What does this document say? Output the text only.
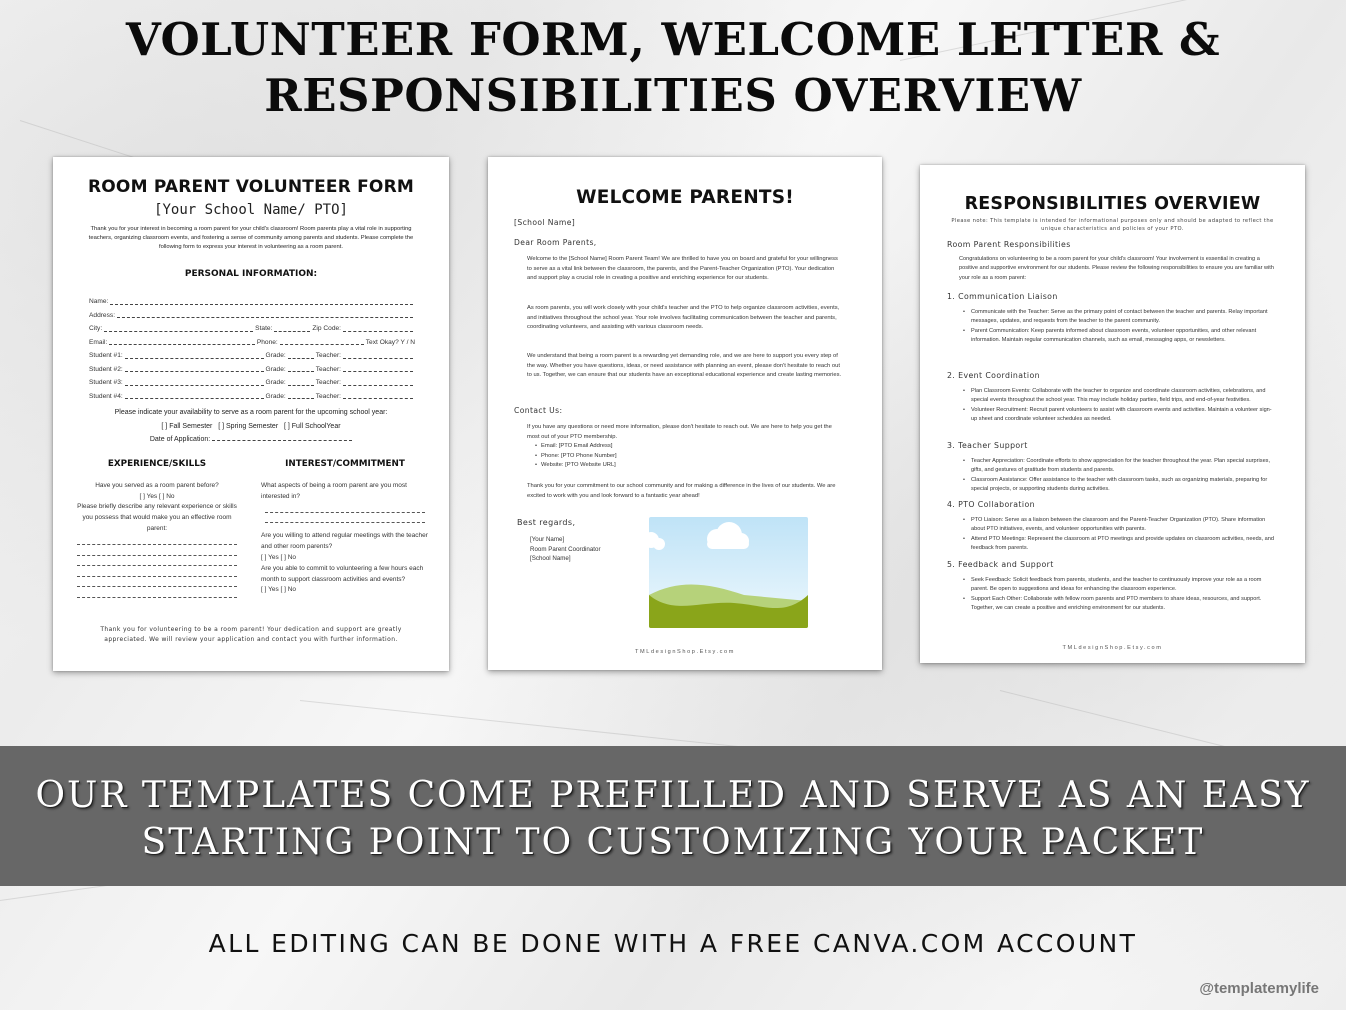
VOLUNTEER FORM, WELCOME LETTER &
RESPONSIBILITIES OVERVIEW
ROOM PARENT VOLUNTEER FORM
[Your School Name/ PTO]
Thank you for your interest in becoming a room parent for your child's classroom! Room parents play a vital role in supporting teachers, organizing classroom events, and fostering a sense of community among parents and students. Please complete the following form to express your interest in volunteering as a room parent.
PERSONAL INFORMATION:
Name:
Address:
City:	State:	Zip Code:
Email:	Phone:	Text Okay? Y / N
Student #1:	Grade:	Teacher:
Student #2:	Grade:	Teacher:
Student #3:	Grade:	Teacher:
Student #4:	Grade:	Teacher:
Please indicate your availability to serve as a room parent for the upcoming school year:
[ ] Fall Semester [ ] Spring Semester [ ] Full SchoolYear
Date of Application:
EXPERIENCE/SKILLS
Have you served as a room parent before?
[ ] Yes [ ] No
Please briefly describe any relevant experience or skills you possess that would make you an effective room parent:
INTEREST/COMMITMENT
What aspects of being a room parent are you most interested in?
Are you willing to attend regular meetings with the teacher and other room parents?
[ ] Yes [ ] No
Are you able to commit to volunteering a few hours each month to support classroom activities and events?
[ ] Yes [ ] No
Thank you for volunteering to be a room parent! Your dedication and support are greatly appreciated. We will review your application and contact you with further information.
WELCOME PARENTS!
[School Name]
Dear Room Parents,
Welcome to the [School Name] Room Parent Team! We are thrilled to have you on board and grateful for your willingness to serve as a vital link between the classroom, the parents, and the Parent-Teacher Organization (PTO). Your dedication and support play a crucial role in creating a positive and enriching experience for our students.
As room parents, you will work closely with your child's teacher and the PTO to help organize classroom activities, events, and initiatives throughout the school year. Your role involves facilitating communication between the teacher and parents, coordinating volunteers, and assisting with various classroom needs.
We understand that being a room parent is a rewarding yet demanding role, and we are here to support you every step of the way. Whether you have questions, ideas, or need assistance with planning an event, please don't hesitate to reach out to us. Together, we can ensure that our students have an exceptional educational experience and create lasting memories.
Contact Us:
If you have any questions or need more information, please don't hesitate to reach out. We are here to help you get the most out of your PTO membership.
• Email: [PTO Email Address]
• Phone: [PTO Phone Number]
• Website: [PTO Website URL]
Thank you for your commitment to our school community and for making a difference in the lives of our students. We are excited to work with you and look forward to a fantastic year ahead!
Best regards,
[Your Name]
Room Parent Coordinator
[School Name]
TMLdesignShop.Etsy.com
RESPONSIBILITIES OVERVIEW
Please note: This template is intended for informational purposes only and should be adapted to reflect the unique characteristics and policies of your PTO.
Room Parent Responsibilities
Congratulations on volunteering to be a room parent for your child's classroom! Your involvement is essential in creating a positive and supportive environment for our students. Please review the following responsibilities to ensure you are familiar with your role as a room parent:
1. Communication Liaison
• Communicate with the Teacher: Serve as the primary point of contact between the teacher and parents. Relay important messages, updates, and requests from the teacher to the parent community.
• Parent Communication: Keep parents informed about classroom events, volunteer opportunities, and other relevant information. Maintain regular communication channels, such as email, messaging apps, or newsletters.
2. Event Coordination
• Plan Classroom Events: Collaborate with the teacher to organize and coordinate classroom activities, celebrations, and special events throughout the school year. This may include holiday parties, field trips, and end-of-year festivities.
• Volunteer Recruitment: Recruit parent volunteers to assist with classroom events and activities. Maintain a volunteer sign-up sheet and coordinate volunteer schedules as needed.
3. Teacher Support
• Teacher Appreciation: Coordinate efforts to show appreciation for the teacher throughout the year. Plan special surprises, gifts, and gestures of gratitude from students and parents.
• Classroom Assistance: Offer assistance to the teacher with classroom tasks, such as organizing materials, preparing for special projects, or supporting students during activities.
4. PTO Collaboration
• PTO Liaison: Serve as a liaison between the classroom and the Parent-Teacher Organization (PTO). Share information about PTO initiatives, events, and volunteer opportunities with parents.
• Attend PTO Meetings: Represent the classroom at PTO meetings and provide updates on classroom activities, needs, and feedback from parents.
5. Feedback and Support
• Seek Feedback: Solicit feedback from parents, students, and the teacher to continuously improve your role as a room parent. Be open to suggestions and ideas for enhancing the classroom experience.
• Support Each Other: Collaborate with fellow room parents and PTO members to share ideas, resources, and support. Together, we can create a positive and enriching environment for our students.
TMLdesignShop.Etsy.com
OUR TEMPLATES COME PREFILLED AND SERVE AS AN EASY
STARTING POINT TO CUSTOMIZING YOUR PACKET
ALL EDITING CAN BE DONE WITH A FREE CANVA.COM ACCOUNT
@templatemylife
